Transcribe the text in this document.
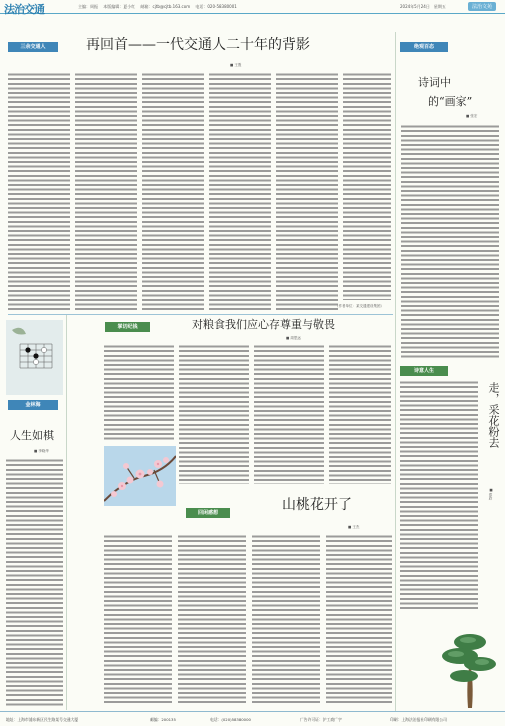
法治交通	主编：周振　 本版编辑：夏小红　 邮箱：cjtb@cjtb.163.com　 电话：020-58380001	2024年5月24日　星期五	法治文苑
三余交通人	再回首——一代交通人二十年的背影
■ 王胜
（作者单位：某交通建设集团）
绝观百态
诗词中
的“画家”
■ 张宏
掌切纪钱	对粮食我们应心存尊重与敬畏
■ 周思远
金林海
人生如棋
■ 李晓华
回闲感想	山桃花开了
■ 王杰
诗意人生
走，采花粉去
■ 郑欣
地址：上海市浦东新区民生路某号交通大厦	邮编：200135	电话：(020)58380000	广告许可证：沪工商广字	印刷：上海法治报社印刷有限公司
